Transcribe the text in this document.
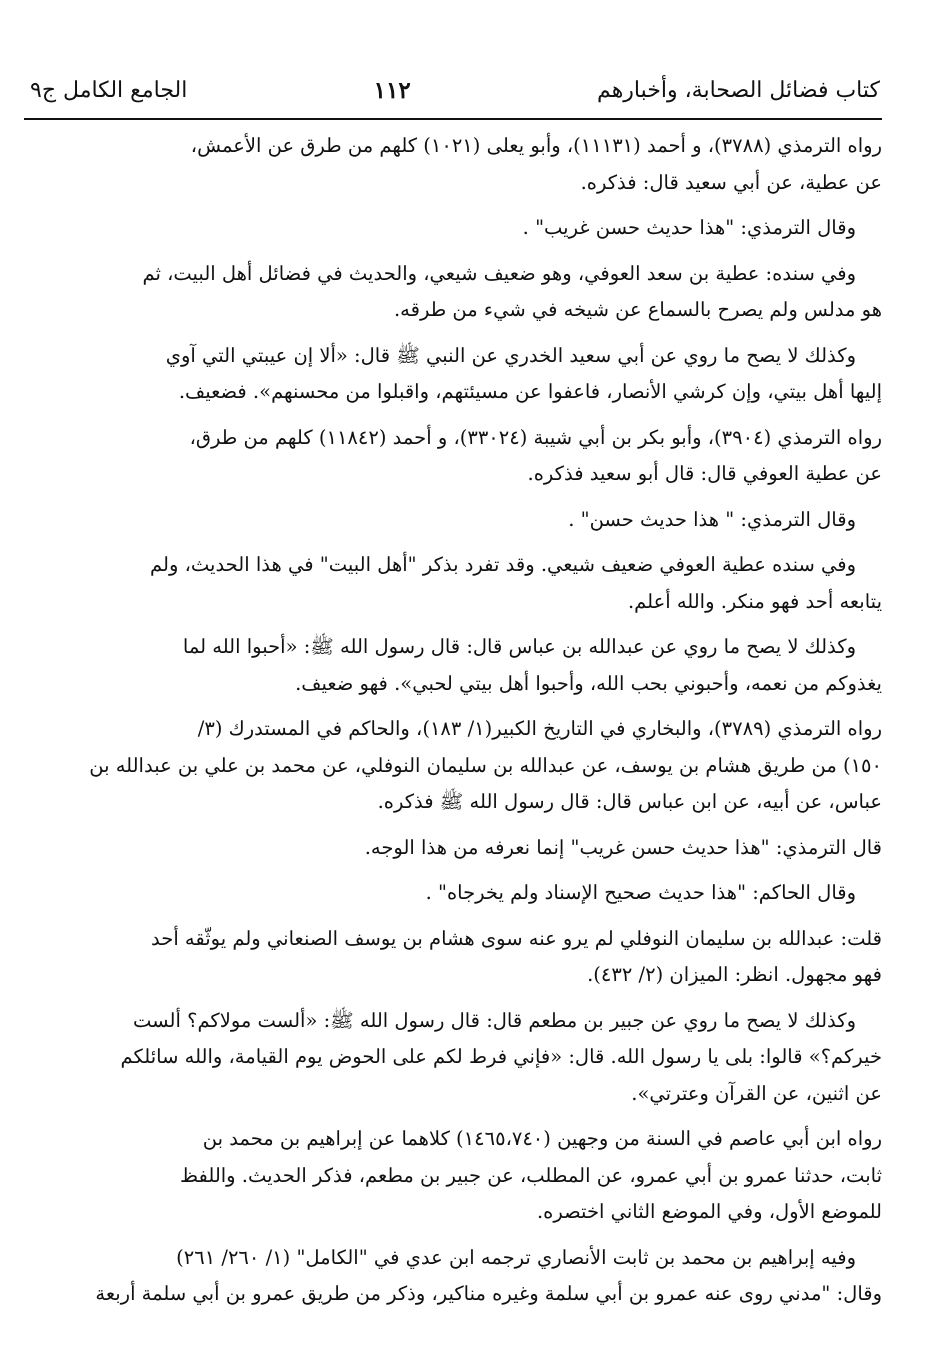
كتاب فضائل الصحابة، وأخبارهم
١١٢
الجامع الكامل ج٩
رواه الترمذي (٣٧٨٨)، و أحمد (١١١٣١)، وأبو يعلى (١٠٢١) كلهم من طرق عن الأعمش،
عن عطية، عن أبي سعيد قال: فذكره.
وقال الترمذي: "هذا حديث حسن غريب" .
وفي سنده: عطية بن سعد العوفي، وهو ضعيف شيعي، والحديث في فضائل أهل البيت، ثم
هو مدلس ولم يصرح بالسماع عن شيخه في شيء من طرقه.
وكذلك لا يصح ما روي عن أبي سعيد الخدري عن النبي ﷺ قال: «ألا إن عيبتي التي آوي
إليها أهل بيتي، وإن كرشي الأنصار، فاعفوا عن مسيئتهم، واقبلوا من محسنهم». فضعيف.
رواه الترمذي (٣٩٠٤)، وأبو بكر بن أبي شيبة (٣٣٠٢٤)، و أحمد (١١٨٤٢) كلهم من طرق،
عن عطية العوفي قال: قال أبو سعيد فذكره.
وقال الترمذي: " هذا حديث حسن" .
وفي سنده عطية العوفي ضعيف شيعي. وقد تفرد بذكر "أهل البيت" في هذا الحديث، ولم
يتابعه أحد فهو منكر. والله أعلم.
وكذلك لا يصح ما روي عن عبدالله بن عباس قال: قال رسول الله ﷺ: «أحبوا الله لما
يغذوكم من نعمه، وأحبوني بحب الله، وأحبوا أهل بيتي لحبي». فهو ضعيف.
رواه الترمذي (٣٧٨٩)، والبخاري في التاريخ الكبير(١/ ١٨٣)، والحاكم في المستدرك (٣/
١٥٠) من طريق هشام بن يوسف، عن عبدالله بن سليمان النوفلي، عن محمد بن علي بن عبدالله بن
عباس، عن أبيه، عن ابن عباس قال: قال رسول الله ﷺ فذكره.
قال الترمذي: "هذا حديث حسن غريب" إنما نعرفه من هذا الوجه.
وقال الحاكم: "هذا حديث صحيح الإسناد ولم يخرجاه" .
قلت: عبدالله بن سليمان النوفلي لم يرو عنه سوى هشام بن يوسف الصنعاني ولم يوثّقه أحد
فهو مجهول. انظر: الميزان (٢/ ٤٣٢).
وكذلك لا يصح ما روي عن جبير بن مطعم قال: قال رسول الله ﷺ: «ألست مولاكم؟ ألست
خيركم؟» قالوا: بلى يا رسول الله. قال: «فإني فرط لكم على الحوض يوم القيامة، والله سائلكم
عن اثنين، عن القرآن وعترتي».
رواه ابن أبي عاصم في السنة من وجهين (١٤٦٥،٧٤٠) كلاهما عن إبراهيم بن محمد بن
ثابت، حدثنا عمرو بن أبي عمرو، عن المطلب، عن جبير بن مطعم، فذكر الحديث. واللفظ
للموضع الأول، وفي الموضع الثاني اختصره.
وفيه إبراهيم بن محمد بن ثابت الأنصاري ترجمه ابن عدي في "الكامل" (١/ ٢٦٠/ ٢٦١)
وقال: "مدني روى عنه عمرو بن أبي سلمة وغيره مناكير، وذكر من طريق عمرو بن أبي سلمة أربعة
